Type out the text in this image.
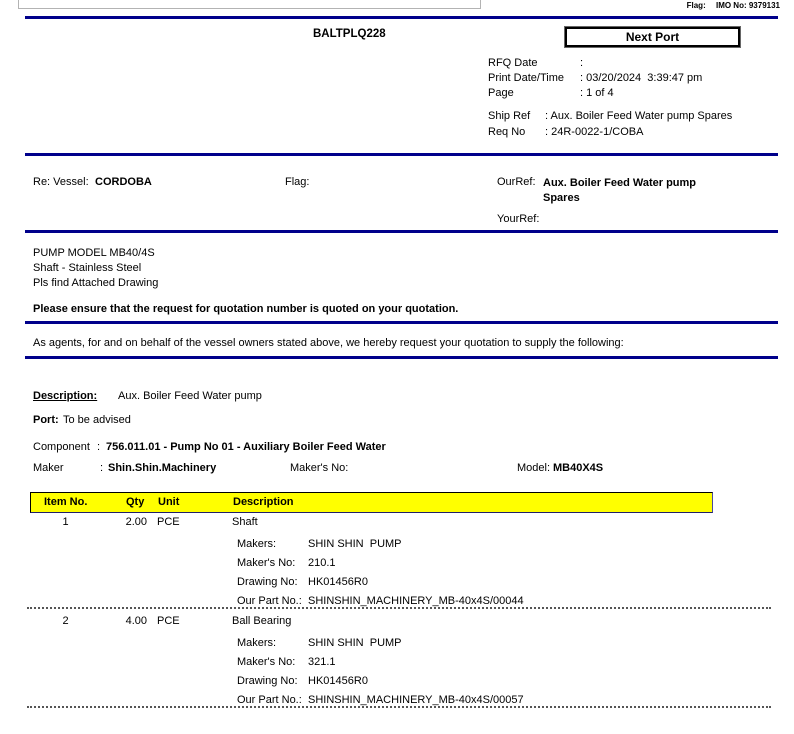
Flag: IMO No: 9379131
BALTPLQ228	Next Port
RFQ Date	:
Print Date/Time : 03/20/2024  3:39:47 pm
Page	: 1 of 4
Ship Ref : Aux. Boiler Feed Water pump Spares
Req No : 24R-0022-1/COBA
Re: Vessel: CORDOBA	Flag:	OurRef: Aux. Boiler Feed Water pump Spares
YourRef:
PUMP MODEL MB40/4S
Shaft - Stainless Steel
Pls find Attached Drawing
Please ensure that the request for quotation number is quoted on your quotation.
As agents, for and on behalf of the vessel owners stated above, we hereby request your quotation to supply the following:
Description: Aux. Boiler Feed Water pump
Port: To be advised
Component : 756.011.01 - Pump No 01 - Auxiliary Boiler Feed Water
Maker	: Shin.Shin.Machinery	Maker's No:	Model: MB40X4S
Item No.	Qty Unit	Description
1	2.00 PCE	Shaft
Makers:	SHIN SHIN  PUMP
Maker's No: 210.1
Drawing No: HK01456R0
Our Part No.: SHINSHIN_MACHINERY_MB-40x4S/00044
2	4.00 PCE	Ball Bearing
Makers:	SHIN SHIN  PUMP
Maker's No: 321.1
Drawing No: HK01456R0
Our Part No.: SHINSHIN_MACHINERY_MB-40x4S/00057
